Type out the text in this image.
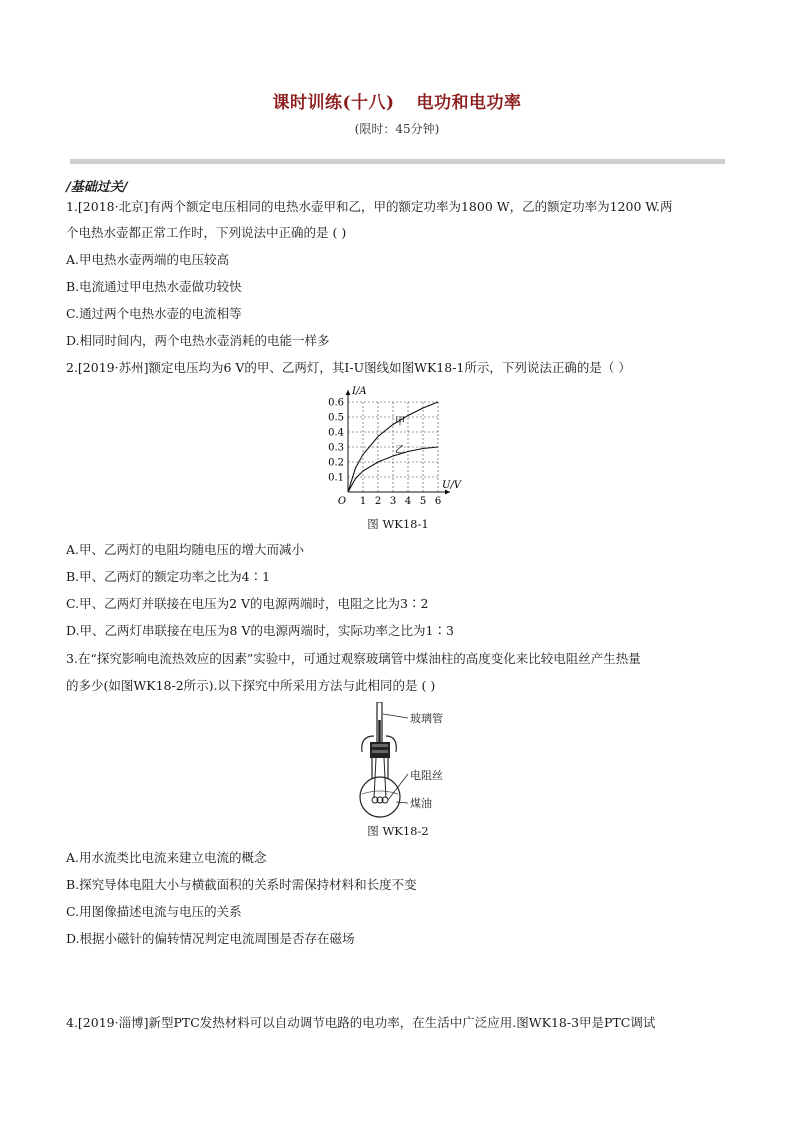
课时训练(十八) 电功和电功率
(限时：45分钟)
/基础过关/
1.[2018·北京]有两个额定电压相同的电热水壶甲和乙，甲的额定功率为1800 W，乙的额定功率为1200 W.两
个电热水壶都正常工作时，下列说法中正确的是 ( )
A.甲电热水壶两端的电压较高
B.电流通过甲电热水壶做功较快
C.通过两个电热水壶的电流相等
D.相同时间内，两个电热水壶消耗的电能一样多
2.[2019·苏州]额定电压均为6 V的甲、乙两灯，其I-U图线如图WK18-1所示，下列说法正确的是（ ）
1 2 3 4 5 6
0.1
0.2
0.3
0.4
0.5
0.6
O
U/V
I/A
甲
乙
图 WK18-1
A.甲、乙两灯的电阻均随电压的增大而减小
B.甲、乙两灯的额定功率之比为4∶1
C.甲、乙两灯并联接在电压为2 V的电源两端时，电阻之比为3∶2
D.甲、乙两灯串联接在电压为8 V的电源两端时，实际功率之比为1∶3
3.在“探究影响电流热效应的因素”实验中，可通过观察玻璃管中煤油柱的高度变化来比较电阻丝产生热量
的多少(如图WK18-2所示).以下探究中所采用方法与此相同的是 ( )
玻璃管
电阻丝
煤油
图 WK18-2
A.用水流类比电流来建立电流的概念
B.探究导体电阻大小与横截面积的关系时需保持材料和长度不变
C.用图像描述电流与电压的关系
D.根据小磁针的偏转情况判定电流周围是否存在磁场
4.[2019·淄博]新型PTC发热材料可以自动调节电路的电功率，在生活中广泛应用.图WK18-3甲是PTC调试
